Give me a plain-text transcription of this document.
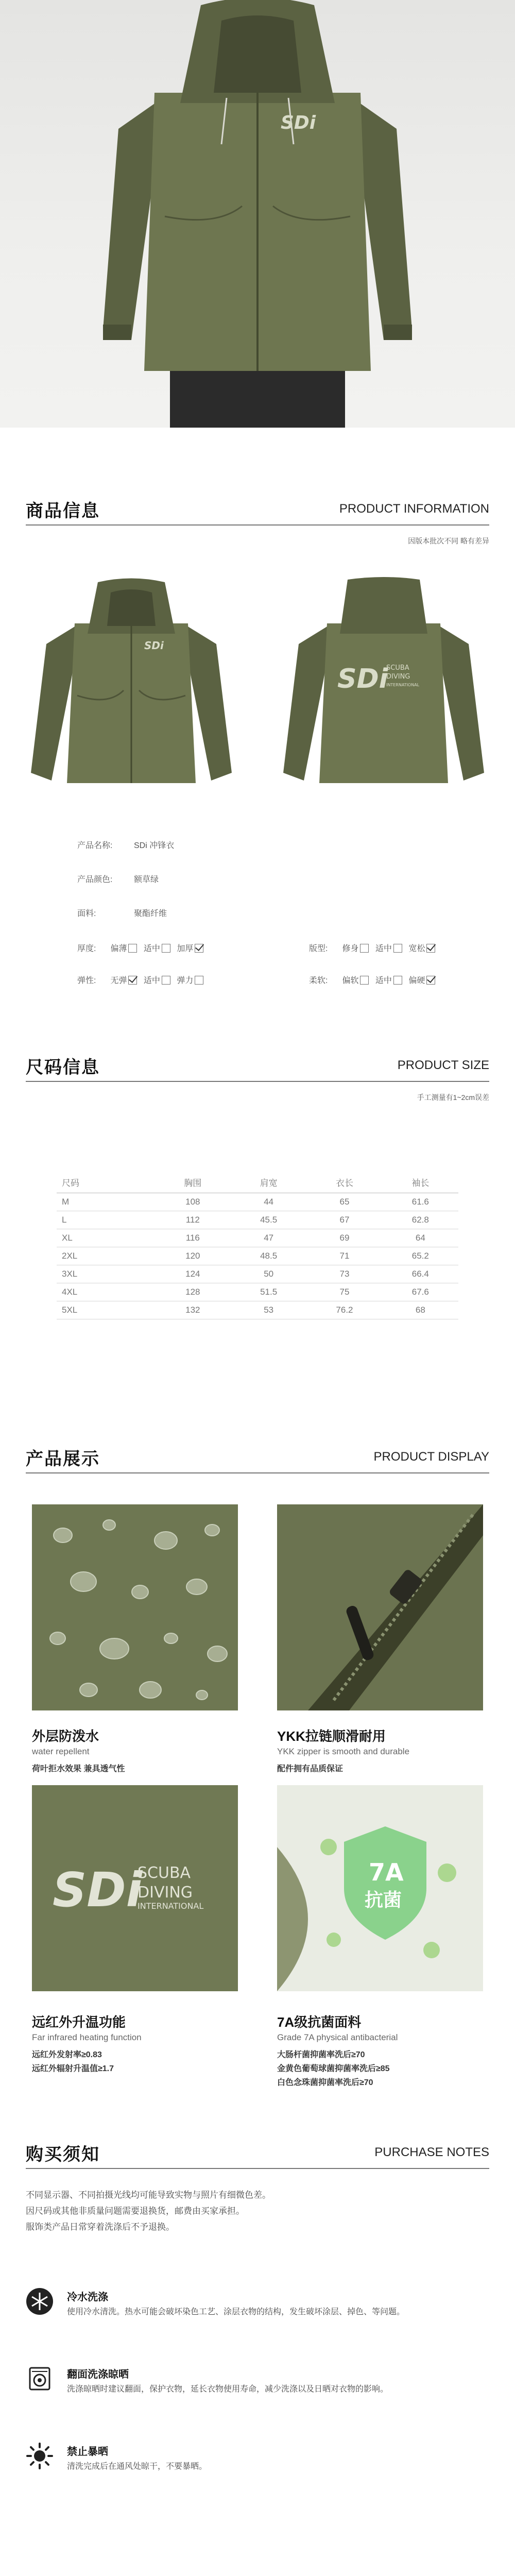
SDi
商品信息	PRODUCT INFORMATION
因版本批次不同 略有差异
SDi
SDi
SCUBA
DIVING
INTERNATIONAL
产品名称:	SDi 冲锋衣
产品颜色:	额草绿
面料:	聚酯纤维
厚度: 偏薄 适中 加厚	版型: 修身 适中 宽松
弹性: 无弹 适中 弹力	柔软: 偏软 适中 偏硬
尺码信息	PRODUCT SIZE
手工测量有1~2cm误差
尺码	胸围	肩宽	衣长	袖长
M	108	44	65	61.6
L	112	45.5	67	62.8
XL	116	47	69	64
2XL	120	48.5	71	65.2
3XL	124	50	73	66.4
4XL	128	51.5	75	67.6
5XL	132	53	76.2	68
产品展示	PRODUCT DISPLAY
外层防泼水
water repellent
荷叶拒水效果 兼具透气性
YKK拉链顺滑耐用
YKK zipper is smooth and durable
配件拥有品质保证
SDi
SCUBA
DIVING
INTERNATIONAL
7A
抗菌
远红外升温功能
Far infrared heating function
远红外发射率≥0.83
远红外辐射升温值≥1.7
7A级抗菌面料
Grade 7A physical antibacterial
大肠杆菌抑菌率洗后≥70
金黄色葡萄球菌抑菌率洗后≥85
白色念珠菌抑菌率洗后≥70
购买须知	PURCHASE NOTES
不同显示器、不同拍摄光线均可能导致实物与照片有细微色差。
因尺码或其他非质量问题需要退换货，邮费由买家承担。
服饰类产品日常穿着洗涤后不予退换。
冷水洗涤
使用冷水清洗。热水可能会破坏染色工艺、涂层衣物的结构，发生破坏涂层、掉色、等问题。
翻面洗涤晾晒
洗涤晾晒时建议翻面，保护衣物，延长衣物使用寿命，减少洗涤以及日晒对衣物的影响。
禁止暴晒
清洗完成后在通风处晾干，不要暴晒。
